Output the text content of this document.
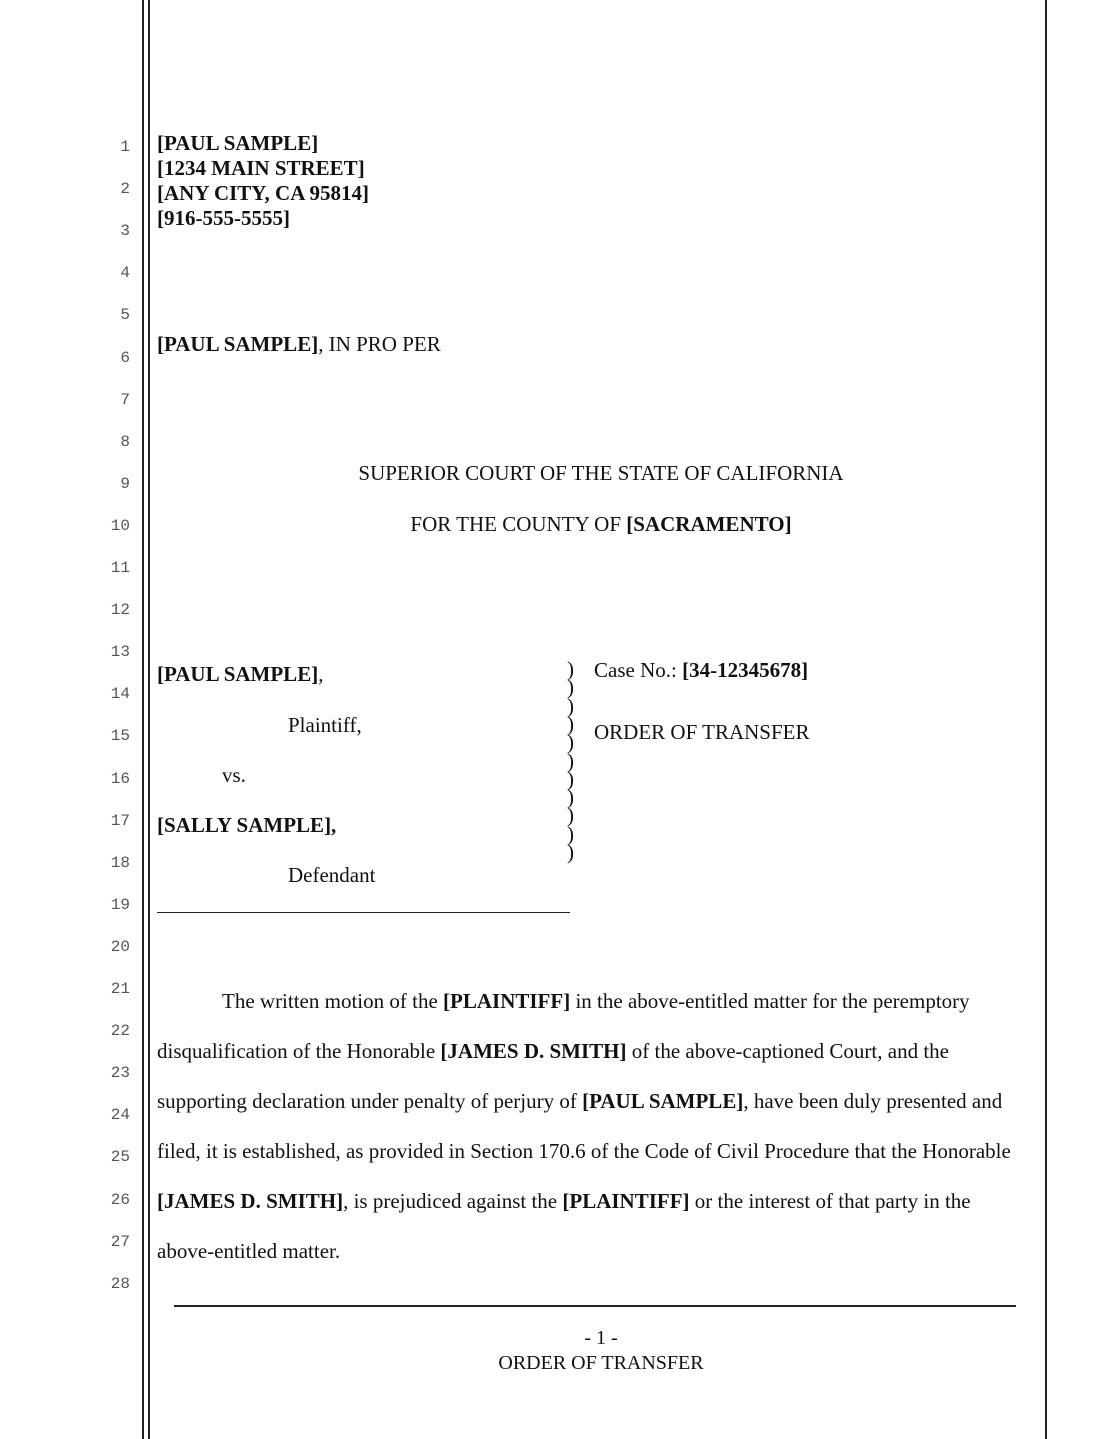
1
2
3
4
5
6
7
8
9
10
11
12
13
14
15
16
17
18
19
20
21
22
23
24
25
26
27
28
[PAUL SAMPLE]
[1234 MAIN STREET]
[ANY CITY, CA 95814]
[916-555-5555]
[PAUL SAMPLE], IN PRO PER
SUPERIOR COURT OF THE STATE OF CALIFORNIA
FOR THE COUNTY OF [SACRAMENTO]
[PAUL SAMPLE],
Plaintiff,
vs.
[SALLY SAMPLE],
Defendant
)
)
)
)
)
)
)
)
)
)
)
Case No.: [34-12345678]
ORDER OF TRANSFER
The written motion of the [PLAINTIFF] in the above-entitled matter for the peremptory
disqualification of the Honorable [JAMES D. SMITH] of the above-captioned Court, and the
supporting declaration under penalty of perjury of [PAUL SAMPLE], have been duly presented and
filed, it is established, as provided in Section 170.6 of the Code of Civil Procedure that the Honorable
[JAMES D. SMITH], is prejudiced against the [PLAINTIFF] or the interest of that party in the
above-entitled matter.
- 1 -
ORDER OF TRANSFER
